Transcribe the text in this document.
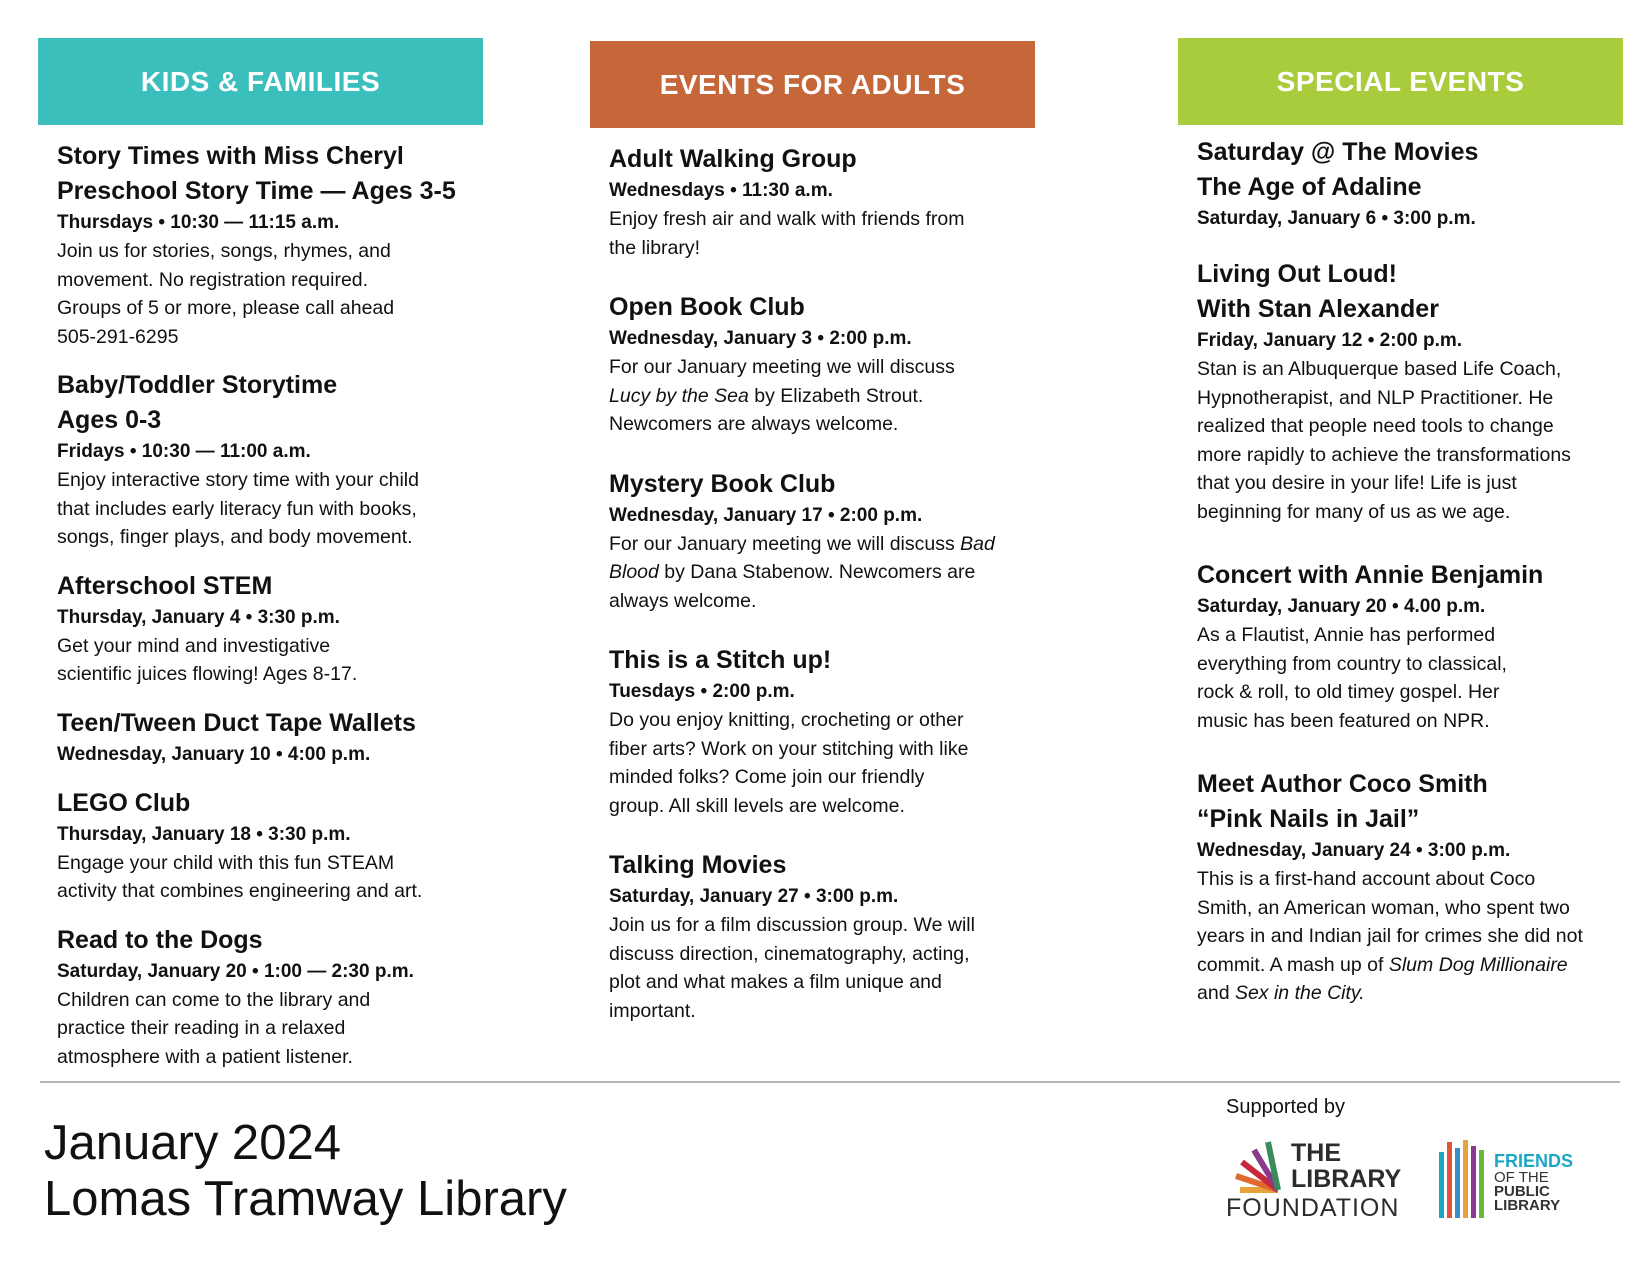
KIDS & FAMILIES
Story Times with Miss Cheryl
Preschool Story Time — Ages 3-5
Thursdays • 10:30 — 11:15 a.m.
Join us for stories, songs, rhymes, and
movement. No registration required.
Groups of 5 or more, please call ahead
505-291-6295
Baby/Toddler Storytime
Ages 0-3
Fridays • 10:30 — 11:00 a.m.
Enjoy interactive story time with your child
that includes early literacy fun with books,
songs, finger plays, and body movement.
Afterschool STEM
Thursday, January 4 • 3:30 p.m.
Get your mind and investigative
scientific juices flowing! Ages 8-17.
Teen/Tween Duct Tape Wallets
Wednesday, January 10 • 4:00 p.m.
LEGO Club
Thursday, January 18 • 3:30 p.m.
Engage your child with this fun STEAM
activity that combines engineering and art.
Read to the Dogs
Saturday, January 20 • 1:00 — 2:30 p.m.
Children can come to the library and
practice their reading in a relaxed
atmosphere with a patient listener.
EVENTS FOR ADULTS
Adult Walking Group
Wednesdays • 11:30 a.m.
Enjoy fresh air and walk with friends from
the library!
Open Book Club
Wednesday, January 3 • 2:00 p.m.
For our January meeting we will discuss
Lucy by the Sea by Elizabeth Strout.
Newcomers are always welcome.
Mystery Book Club
Wednesday, January 17 • 2:00 p.m.
For our January meeting we will discuss Bad
Blood by Dana Stabenow. Newcomers are
always welcome.
This is a Stitch up!
Tuesdays • 2:00 p.m.
Do you enjoy knitting, crocheting or other
fiber arts? Work on your stitching with like
minded folks? Come join our friendly
group. All skill levels are welcome.
Talking Movies
Saturday, January 27 • 3:00 p.m.
Join us for a film discussion group. We will
discuss direction, cinematography, acting,
plot and what makes a film unique and
important.
SPECIAL EVENTS
Saturday @ The Movies
The Age of Adaline
Saturday, January 6 • 3:00 p.m.
Living Out Loud!
With Stan Alexander
Friday, January 12 • 2:00 p.m.
Stan is an Albuquerque based Life Coach,
Hypnotherapist, and NLP Practitioner. He
realized that people need tools to change
more rapidly to achieve the transformations
that you desire in your life! Life is just
beginning for many of us as we age.
Concert with Annie Benjamin
Saturday, January 20 • 4.00 p.m.
As a Flautist, Annie has performed
everything from country to classical,
rock & roll, to old timey gospel. Her
music has been featured on NPR.
Meet Author Coco Smith
“Pink Nails in Jail”
Wednesday, January 24 • 3:00 p.m.
This is a first-hand account about Coco
Smith, an American woman, who spent two
years in and Indian jail for crimes she did not
commit. A mash up of Slum Dog Millionaire
and Sex in the City.
January 2024
Lomas Tramway Library
Supported by
THE
LIBRARY
FOUNDATION
FRIENDS
OF THE
PUBLIC
LIBRARY
